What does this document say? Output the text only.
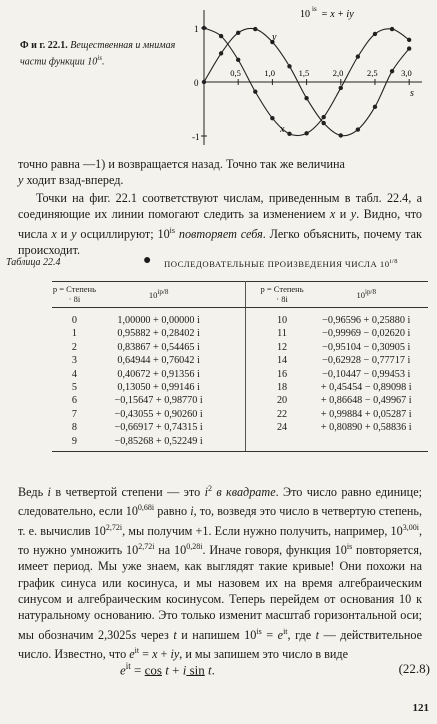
Ф и г. 22.1. Вещественная и мнимая части функции $10^{is}$.
1
-1
0
0,5	1,0	1,5	2,0	2,5	3,0
s
10 is = x + iy
y
x

точно равна —1) и возвращается назад. Точно так же величина
y ходит взад-вперед.

Точки на фиг. 22.1 соответствуют числам, приведенным в табл. 22.4, а соединяющие их линии помогают следить за изменением x и y. Видно, что числа x и y осциллируют; $10^{is}$ повторяет себя. Легко объяснить, почему так происходит.

Таблица 22.4	● ПОСЛЕДОВАТЕЛЬНЫЕ ПРОИЗВЕДЕНИЯ ЧИСЛА $10^{i/8}$
p = Степень · 8i	$10^{ip/8}$			p = Степень · 8i	$10^{ip/8}$
0	1,00000 + 0,00000 i			10	−0,96596 + 0,25880 i
1	0,95882 + 0,28402 i			11	−0,99969 − 0,02620 i
2	0,83867 + 0,54465 i			12	−0,95104 − 0,30905 i
3	0,64944 + 0,76042 i			14	−0,62928 − 0,77717 i
4	0,40672 + 0,91356 i			16	−0,10447 − 0,99453 i
5	0,13050 + 0,99146 i			18	+ 0,45454 − 0,89098 i
6	−0,15647 + 0,98770 i			20	+ 0,86648 − 0,49967 i
7	−0,43055 + 0,90260 i			22	+ 0,99884 + 0,05287 i
8	−0,66917 + 0,74315 i			24	+ 0,80890 + 0,58836 i
9	−0,85268 + 0,52249 i				

Ведь i в четвертой степени — это $i^2$ в квадрате. Это число равно единице; следовательно, если $10^{0,68i}$ равно i, то, возведя это число в четвертую степень, т. е. вычислив $10^{2,72i}$, мы получим +1. Если нужно получить, например, $10^{3,00i}$, то нужно умножить $10^{2,72i}$ на $10^{0,28i}$. Иначе говоря, функция $10^{is}$ повторяется, имеет период. Мы уже знаем, как выглядят такие кривые! Они похожи на график синуса или косинуса, и мы назовем их на время алгебраическим синусом и алгебраическим косинусом. Теперь перейдем от основания 10 к натуральному основанию. Это только изменит масштаб горизонтальной оси; мы обозначим 2,3025s через t и напишем $10^{is} = e^{it}$, где t — действительное число. Известно, что $e^{it} = x$ + iy, и мы запишем это число в виде

$e^{it} = \cos t + i$ sin t.	(22.8)
121
